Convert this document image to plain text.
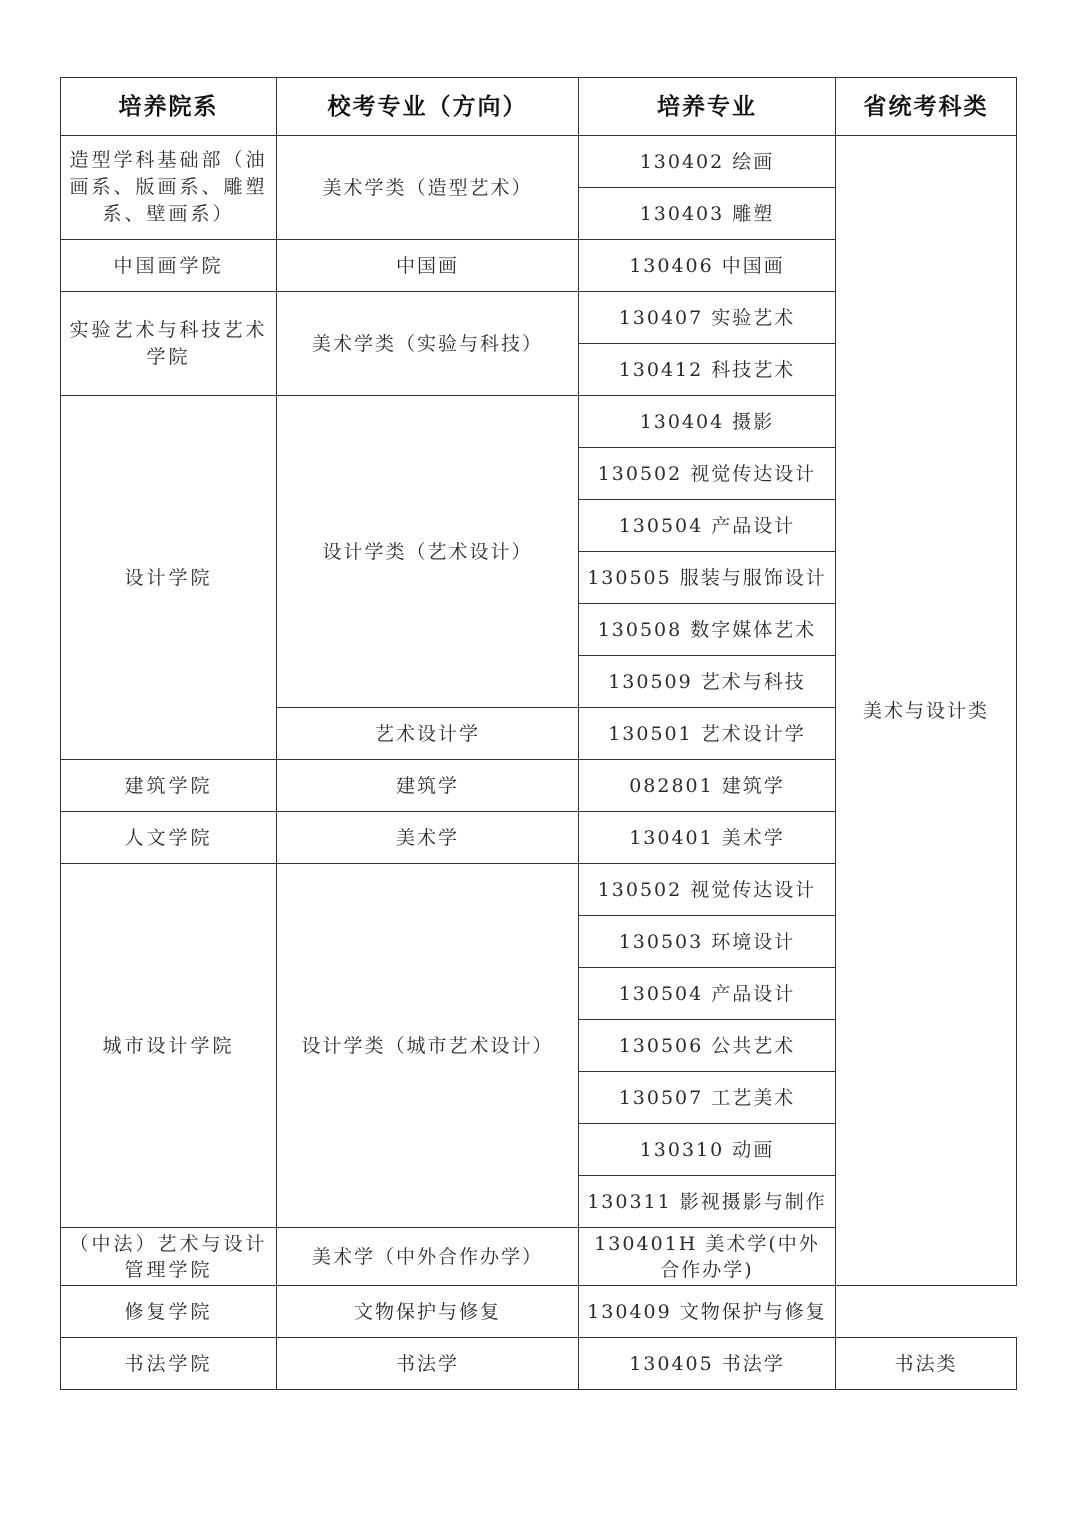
培养院系	校考专业（方向）	培养专业	省统考科类
造型学科基础部（油画系、版画系、雕塑系、壁画系）	美术学类（造型艺术）	130402 绘画	美术与设计类
		130403 雕塑	
中国画学院	中国画	130406 中国画	
实验艺术与科技艺术学院	美术学类（实验与科技）	130407 实验艺术	
		130412 科技艺术	
设计学院	设计学类（艺术设计）	130404 摄影	
		130502 视觉传达设计	
		130504 产品设计	
		130505 服装与服饰设计	
		130508 数字媒体艺术	
		130509 艺术与科技	
	艺术设计学	130501 艺术设计学	
建筑学院	建筑学	082801 建筑学	
人文学院	美术学	130401 美术学	
城市设计学院	设计学类（城市艺术设计）	130502 视觉传达设计	
		130503 环境设计	
		130504 产品设计	
		130506 公共艺术	
		130507 工艺美术	
		130310 动画	
		130311 影视摄影与制作	
（中法）艺术与设计管理学院	美术学（中外合作办学）	130401H 美术学(中外合作办学)	
修复学院	文物保护与修复	130409 文物保护与修复	
书法学院	书法学	130405 书法学	书法类
